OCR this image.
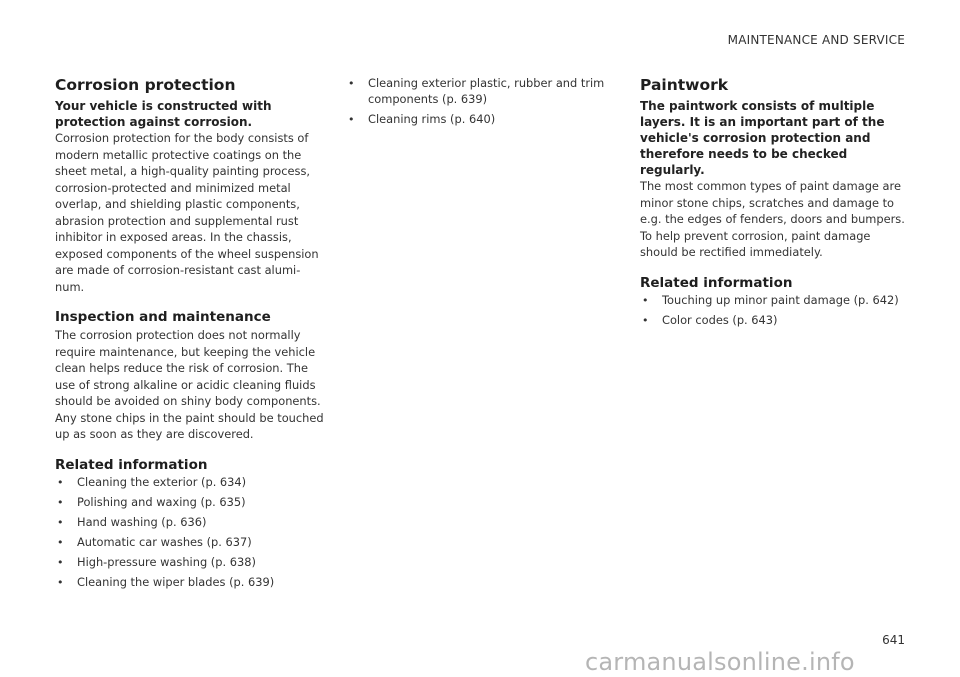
MAINTENANCE AND SERVICE
Corrosion protection

Your vehicle is constructed with protection against corrosion.

Corrosion protection for the body consists of modern metallic protective coatings on the sheet metal, a high-quality painting process, corrosion-protected and minimized metal overlap, and shielding plastic components, abrasion protection and supplemental rust inhibitor in exposed areas. In the chassis, exposed components of the wheel suspension are made of corrosion-resistant cast alumi-num.

Inspection and maintenance

The corrosion protection does not normally require maintenance, but keeping the vehicle clean helps reduce the risk of corrosion. The use of strong alkaline or acidic cleaning fluids should be avoided on shiny body components. Any stone chips in the paint should be touched up as soon as they are discovered.

Related information
• Cleaning the exterior (p. 634)
• Polishing and waxing (p. 635)
• Hand washing (p. 636)
• Automatic car washes (p. 637)
• High-pressure washing (p. 638)
• Cleaning the wiper blades (p. 639)
• Cleaning exterior plastic, rubber and trim components (p. 639)
• Cleaning rims (p. 640)
Paintwork

The paintwork consists of multiple layers. It is an important part of the vehicle's corrosion protection and therefore needs to be checked regularly.

The most common types of paint damage are minor stone chips, scratches and damage to e.g. the edges of fenders, doors and bumpers. To help prevent corrosion, paint damage should be rectified immediately.

Related information
• Touching up minor paint damage (p. 642)
• Color codes (p. 643)
641
carmanualsonline.info
